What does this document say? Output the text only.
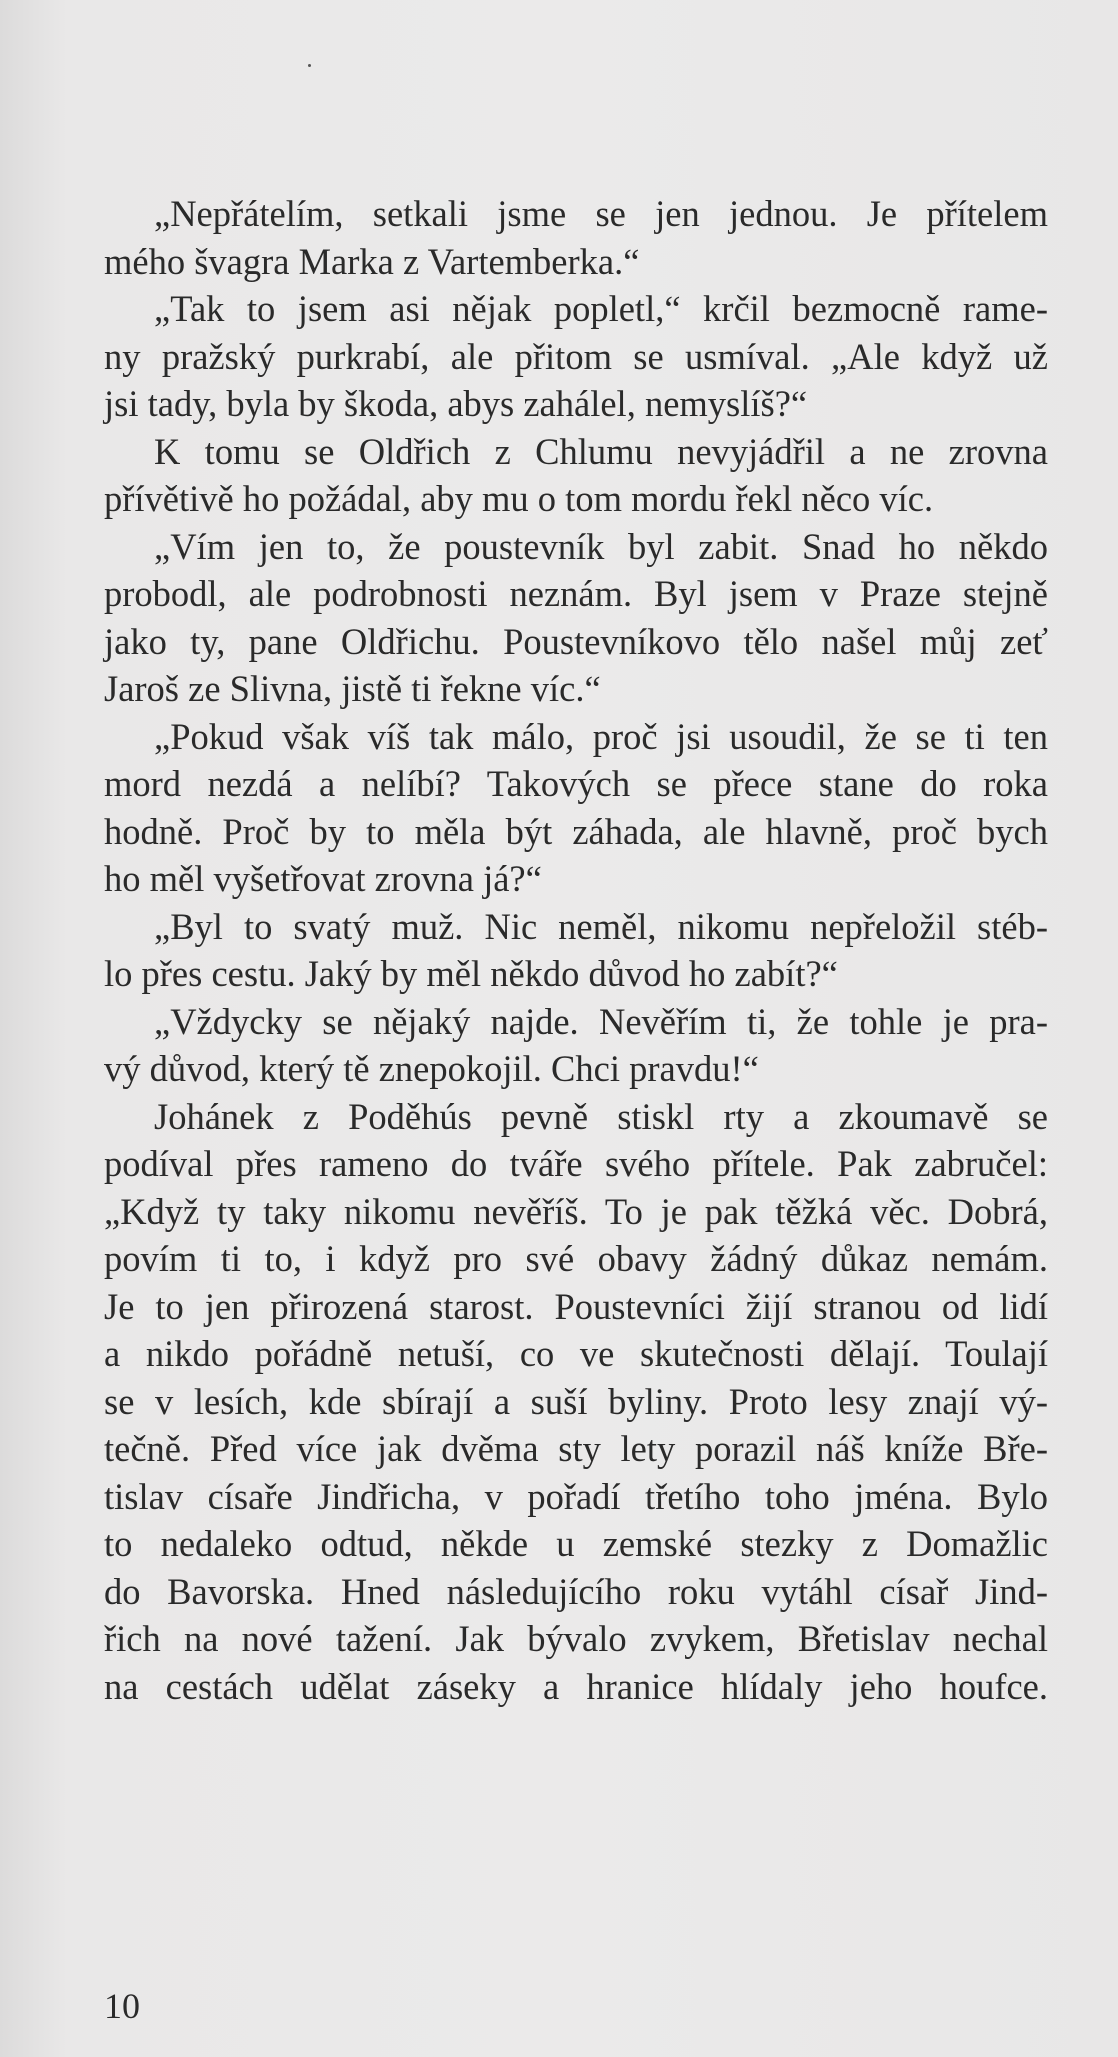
„Nepřátelím, setkali jsme se jen jednou. Je přítelem
mého švagra Marka z Vartemberka.“
„Tak to jsem asi nějak popletl,“ krčil bezmocně rame-
ny pražský purkrabí, ale přitom se usmíval. „Ale když už
jsi tady, byla by škoda, abys zahálel, nemyslíš?“
K tomu se Oldřich z Chlumu nevyjádřil a ne zrovna
přívětivě ho požádal, aby mu o tom mordu řekl něco víc.
„Vím jen to, že poustevník byl zabit. Snad ho někdo
probodl, ale podrobnosti neznám. Byl jsem v Praze stejně
jako ty, pane Oldřichu. Poustevníkovo tělo našel můj zeť
Jaroš ze Slivna, jistě ti řekne víc.“
„Pokud však víš tak málo, proč jsi usoudil, že se ti ten
mord nezdá a nelíbí? Takových se přece stane do roka
hodně. Proč by to měla být záhada, ale hlavně, proč bych
ho měl vyšetřovat zrovna já?“
„Byl to svatý muž. Nic neměl, nikomu nepřeložil stéb-
lo přes cestu. Jaký by měl někdo důvod ho zabít?“
„Vždycky se nějaký najde. Nevěřím ti, že tohle je pra-
vý důvod, který tě znepokojil. Chci pravdu!“
Johánek z Poděhús pevně stiskl rty a zkoumavě se
podíval přes rameno do tváře svého přítele. Pak zabručel:
„Když ty taky nikomu nevěříš. To je pak těžká věc. Dobrá,
povím ti to, i když pro své obavy žádný důkaz nemám.
Je to jen přirozená starost. Poustevníci žijí stranou od lidí
a nikdo pořádně netuší, co ve skutečnosti dělají. Toulají
se v lesích, kde sbírají a suší byliny. Proto lesy znají vý-
tečně. Před více jak dvěma sty lety porazil náš kníže Bře-
tislav císaře Jindřicha, v pořadí třetího toho jména. Bylo
to nedaleko odtud, někde u zemské stezky z Domažlic
do Bavorska. Hned následujícího roku vytáhl císař Jind-
řich na nové tažení. Jak bývalo zvykem, Břetislav nechal
na cestách udělat záseky a hranice hlídaly jeho houfce.
10
